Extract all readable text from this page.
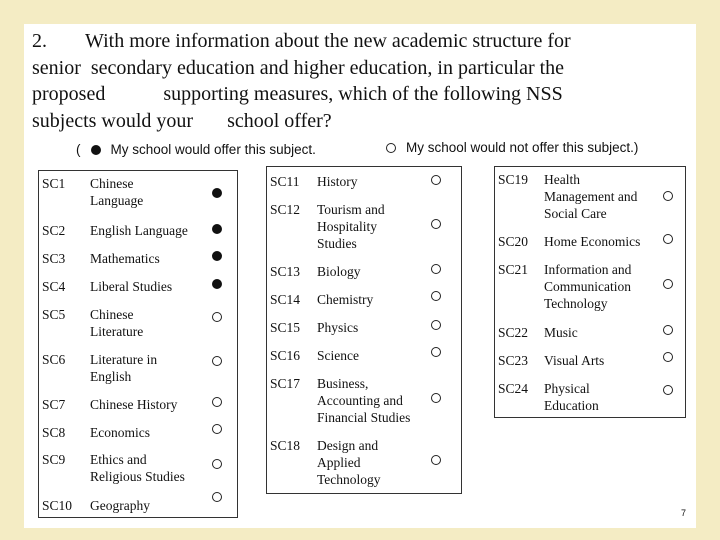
2. With more information about the new academic structure for
senior secondary education and higher education, in particular the
proposed	supporting measures, which of the following NSS
subjects would your school offer?
( My school would offer this subject.	My school would not offer this subject.)
SC1 Chinese
Language
SC2 English Language
SC3 Mathematics
SC4 Liberal Studies
SC5 Chinese
Literature
SC6 Literature in
English
SC7 Chinese History
SC8 Economics
SC9 Ethics and
Religious Studies
SC10 Geography
SC11 History
SC12 Tourism and
Hospitality
Studies
SC13 Biology
SC14 Chemistry
SC15 Physics
SC16 Science
SC17 Business,
Accounting and
Financial Studies
SC18 Design and
Applied
Technology
SC19 Health
Management and
Social Care
SC20 Home Economics
SC21 Information and
Communication
Technology
SC22 Music
SC23 Visual Arts
SC24 Physical
Education
7
